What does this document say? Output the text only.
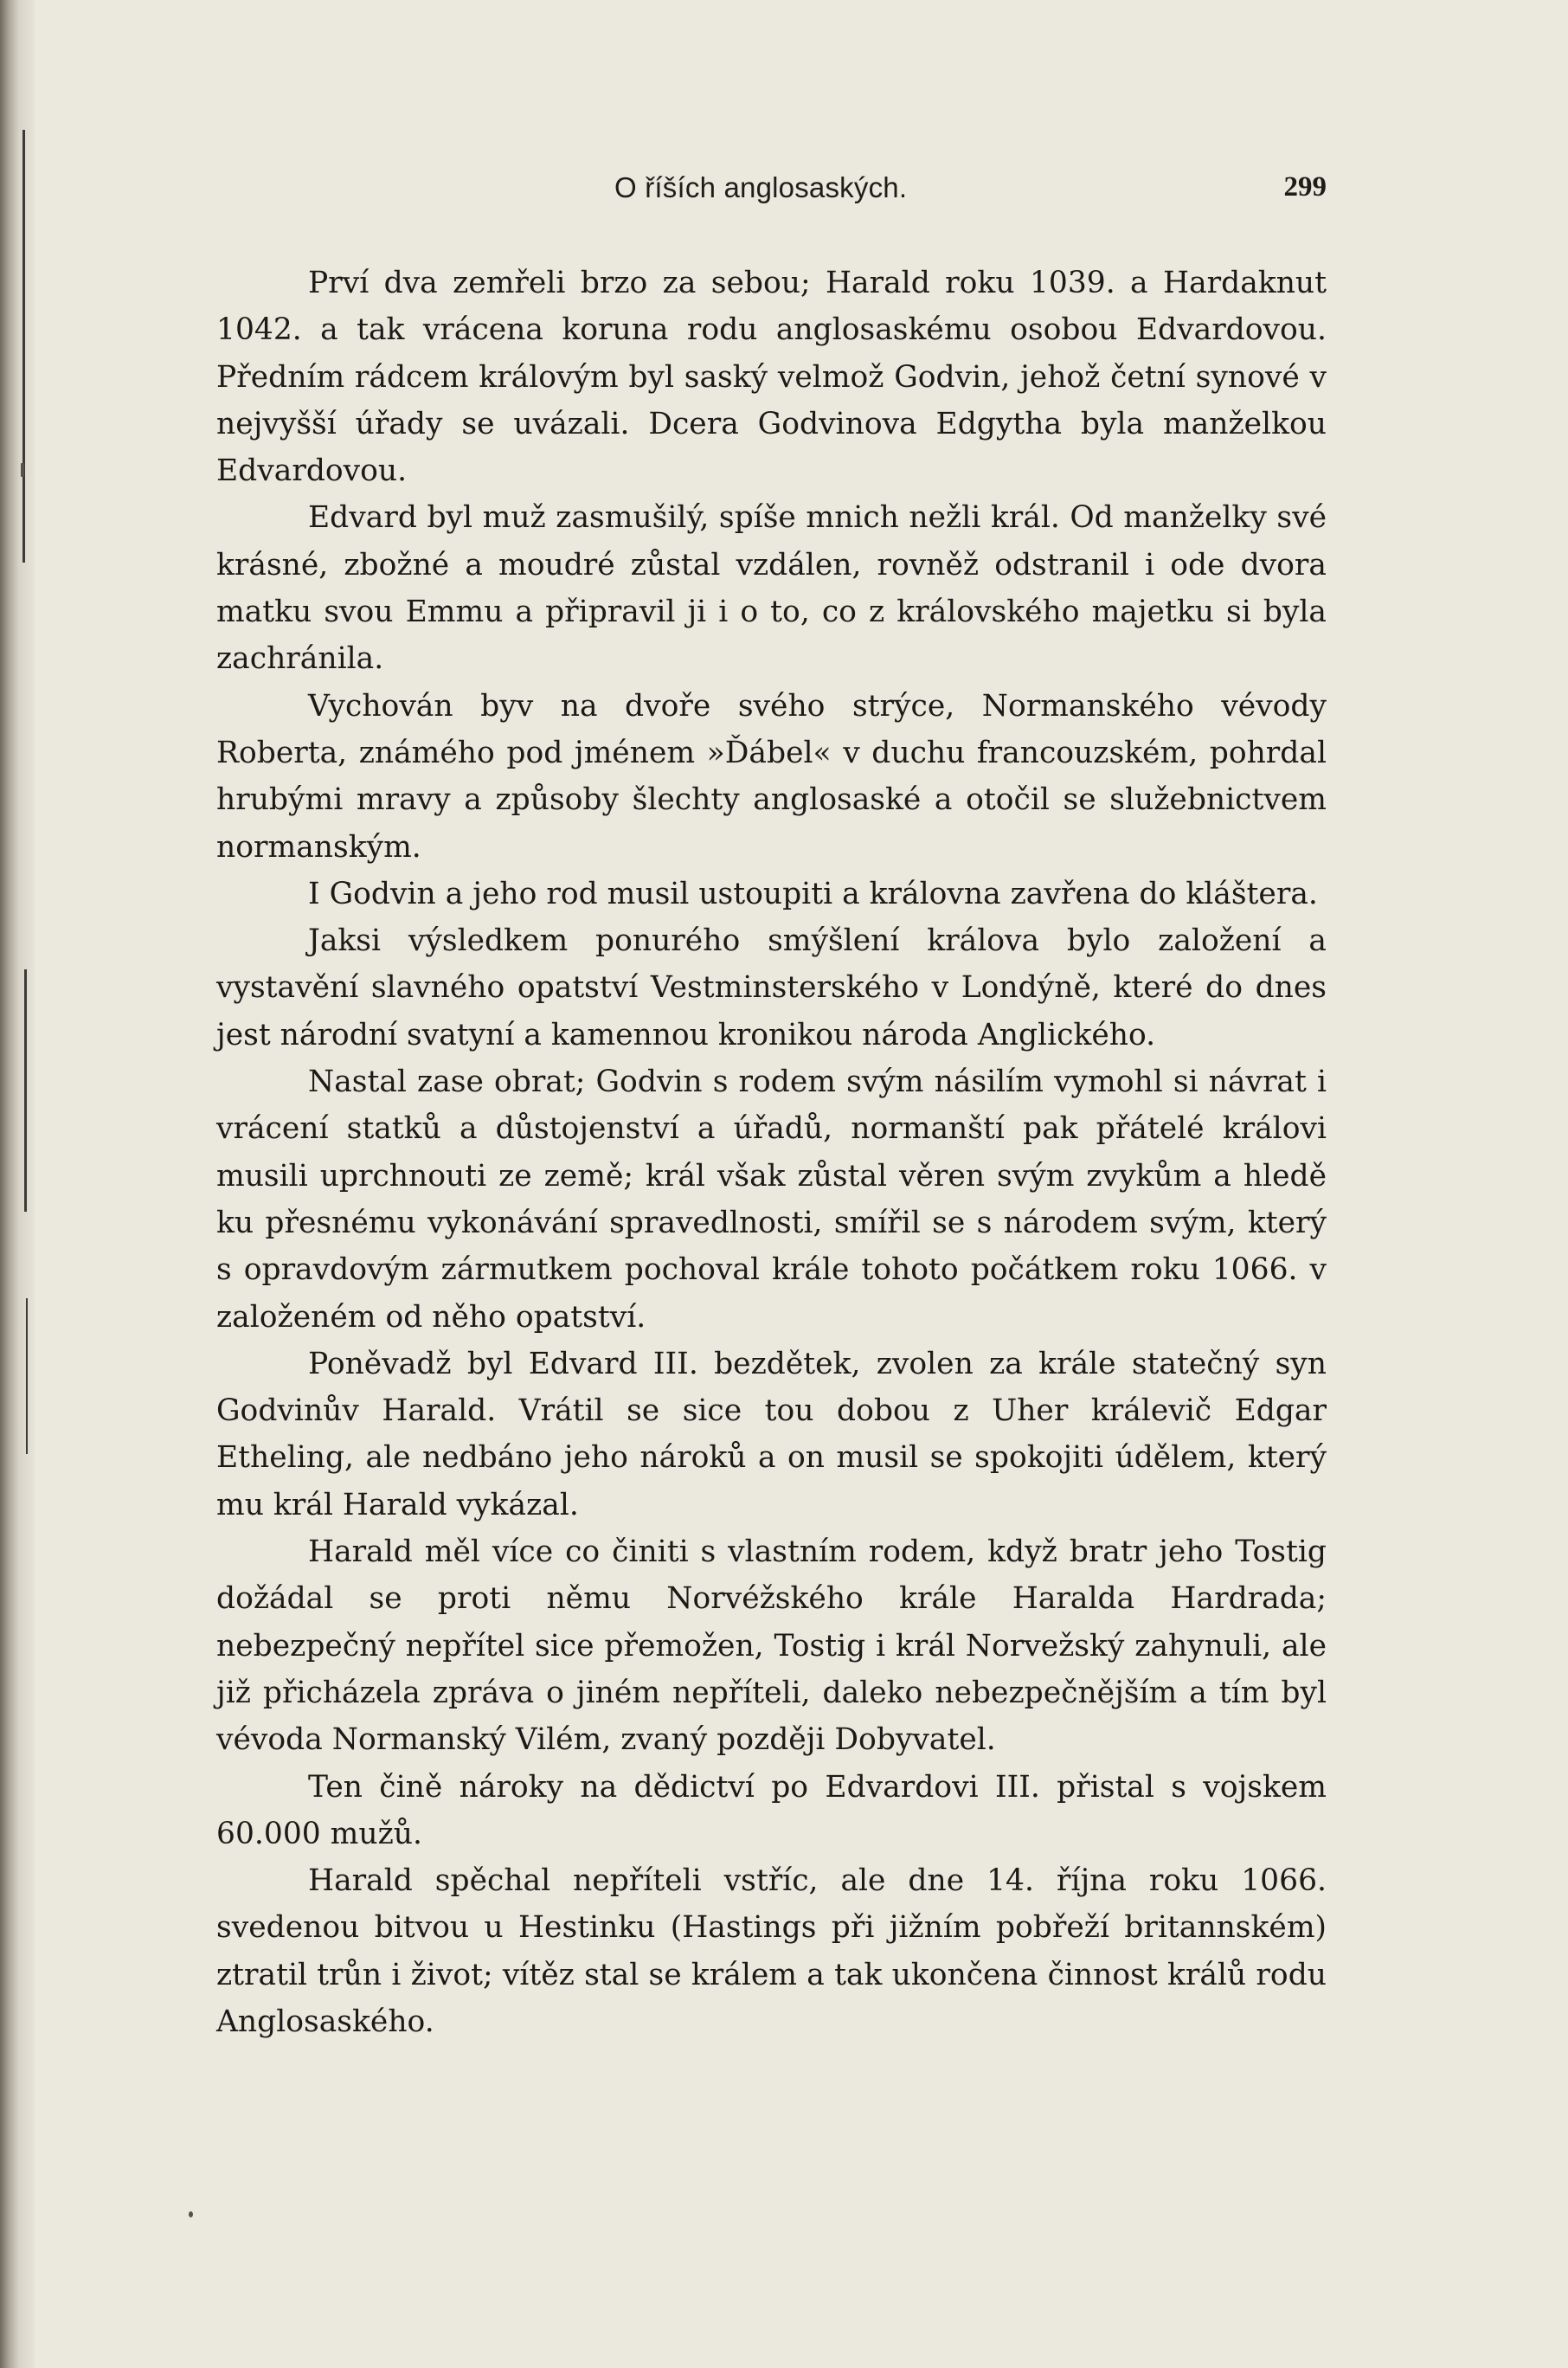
O říších anglosaských.	299

Prví dva zemřeli brzo za sebou; Harald roku 1039. a Hardaknut 1042. a tak vrácena koruna rodu anglosaskému osobou Edvardovou. Předním rádcem královým byl saský velmož Godvin, jehož četní synové v nejvyšší úřady se uvázali. Dcera Godvinova Edgytha byla manželkou Edvardovou.

Edvard byl muž zasmušilý, spíše mnich nežli král. Od manželky své krásné, zbožné a moudré zůstal vzdálen, rovněž odstranil i ode dvora matku svou Emmu a připravil ji i o to, co z královského majetku si byla zachránila.

Vychován byv na dvoře svého strýce, Normanského vévody Roberta, známého pod jménem »Ďábel« v duchu francouzském, pohrdal hrubými mravy a způsoby šlechty anglosaské a otočil se služebnictvem normanským.

I Godvin a jeho rod musil ustoupiti a královna zavřena do kláštera.

Jaksi výsledkem ponurého smýšlení králova bylo založení a vystavění slavného opatství Vestminsterského v Londýně, které do dnes jest národní svatyní a kamennou kronikou národa Anglického.

Nastal zase obrat; Godvin s rodem svým násilím vymohl si návrat i vrácení statků a důstojenství a úřadů, normanští pak přátelé královi musili uprchnouti ze země; král však zůstal věren svým zvykům a hledě ku přesnému vykonávání spravedlnosti, smířil se s národem svým, který s opravdovým zármutkem pochoval krále tohoto počátkem roku 1066. v založeném od něho opatství.

Poněvadž byl Edvard III. bezdětek, zvolen za krále statečný syn Godvinův Harald. Vrátil se sice tou dobou z Uher králevič Edgar Etheling, ale nedbáno jeho nároků a on musil se spokojiti údělem, který mu král Harald vykázal.

Harald měl více co činiti s vlastním rodem, když bratr jeho Tostig dožádal se proti němu Norvéžského krále Haralda Hardrada; nebezpečný nepřítel sice přemožen, Tostig i král Norvežský zahynuli, ale již přicházela zpráva o jiném nepříteli, daleko nebezpečnějším a tím byl vévoda Normanský Vilém, zvaný později Dobyvatel.

Ten čině nároky na dědictví po Edvardovi III. přistal s vojskem 60.000 mužů.

Harald spěchal nepříteli vstříc, ale dne 14. října roku 1066. svedenou bitvou u Hestinku (Hastings při jižním pobřeží britannském) ztratil trůn i život; vítěz stal se králem a tak ukončena činnost králů rodu Anglosaského.
